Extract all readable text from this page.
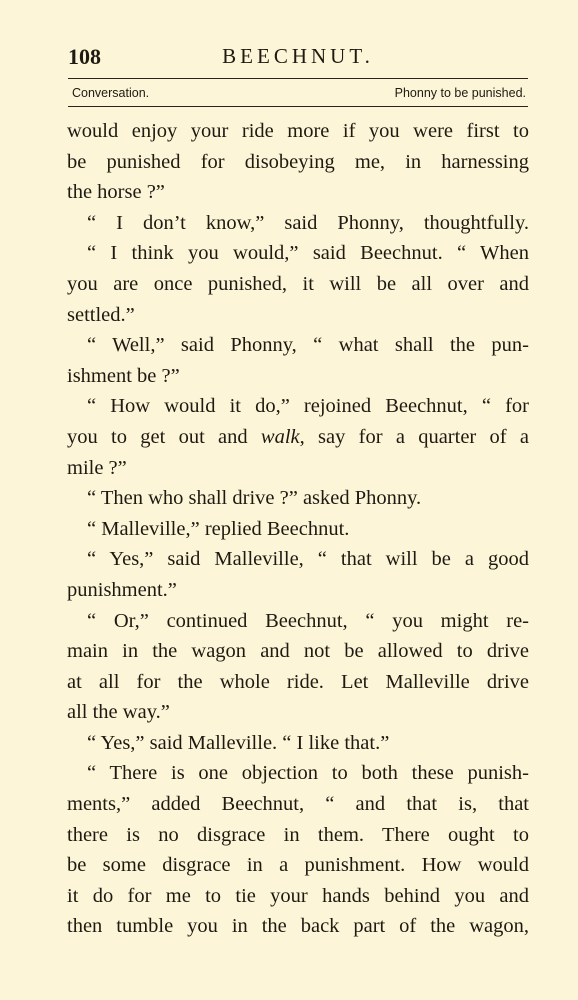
108	BEECHNUT.
Conversation.	Phonny to be punished.
would enjoy your ride more if you were first to
be punished for disobeying me, in harnessing
the horse ?”
“ I don’t know,” said Phonny, thoughtfully.
“ I think you would,” said Beechnut. “ When
you are once punished, it will be all over and
settled.”
“ Well,” said Phonny, “ what shall the pun-
ishment be ?”
“ How would it do,” rejoined Beechnut, “ for
you to get out and walk, say for a quarter of a
mile ?”
“ Then who shall drive ?” asked Phonny.
“ Malleville,” replied Beechnut.
“ Yes,” said Malleville, “ that will be a good
punishment.”
“ Or,” continued Beechnut, “ you might re-
main in the wagon and not be allowed to drive
at all for the whole ride. Let Malleville drive
all the way.”
“ Yes,” said Malleville. “ I like that.”
“ There is one objection to both these punish-
ments,” added Beechnut, “ and that is, that
there is no disgrace in them. There ought to
be some disgrace in a punishment. How would
it do for me to tie your hands behind you and
then tumble you in the back part of the wagon,
